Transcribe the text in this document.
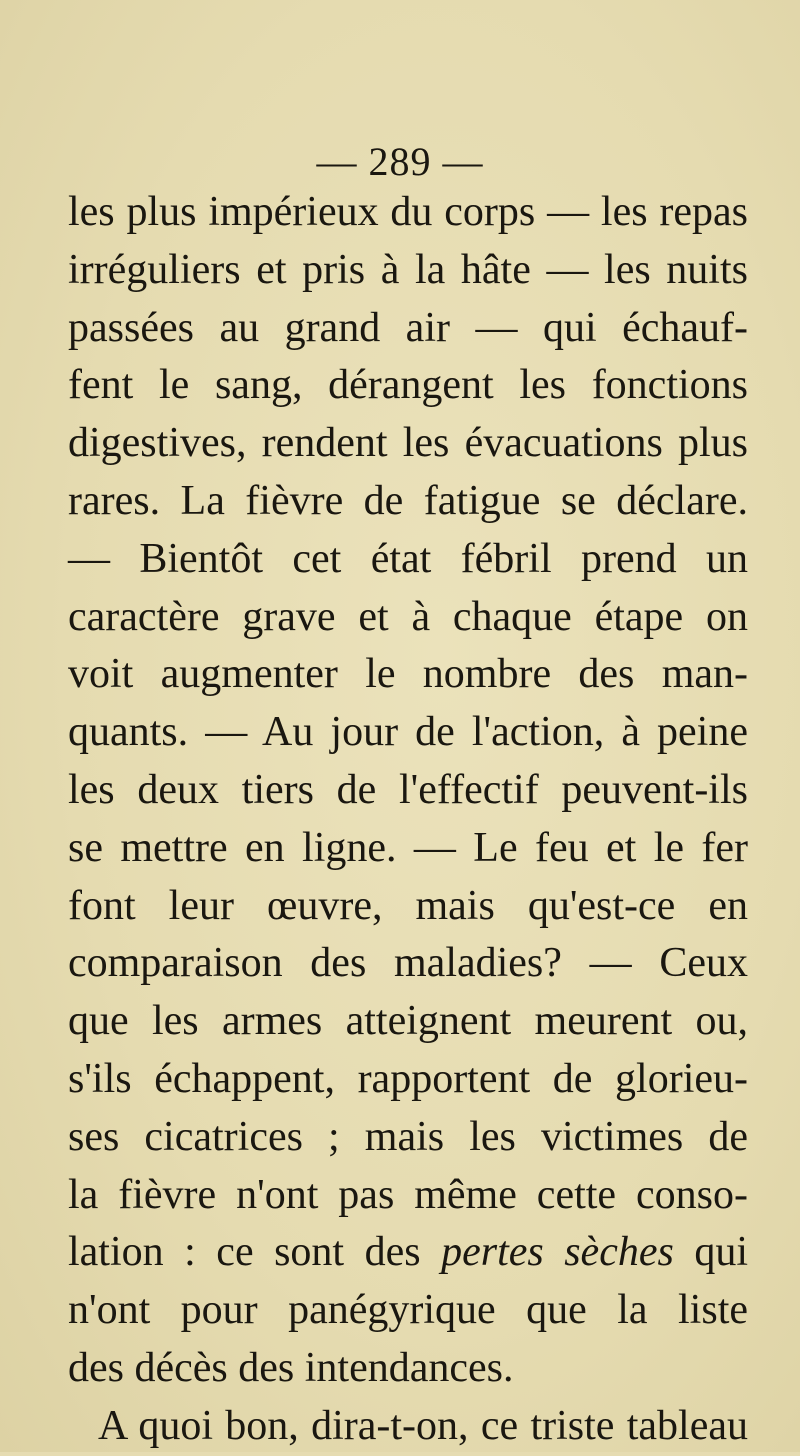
— 289 —
les plus impérieux du corps — les repas
irréguliers et pris à la hâte — les nuits
passées au grand air — qui échauf-
fent le sang, dérangent les fonctions
digestives, rendent les évacuations plus
rares. La fièvre de fatigue se déclare.
— Bientôt cet état fébril prend un
caractère grave et à chaque étape on
voit augmenter le nombre des man-
quants. — Au jour de l'action, à peine
les deux tiers de l'effectif peuvent-ils
se mettre en ligne. — Le feu et le fer
font leur œuvre, mais qu'est-ce en
comparaison des maladies? — Ceux
que les armes atteignent meurent ou,
s'ils échappent, rapportent de glorieu-
ses cicatrices ; mais les victimes de
la fièvre n'ont pas même cette conso-
lation : ce sont des pertes sèches qui
n'ont pour panégyrique que la liste
des décès des intendances.
A quoi bon, dira-t-on, ce triste tableau
